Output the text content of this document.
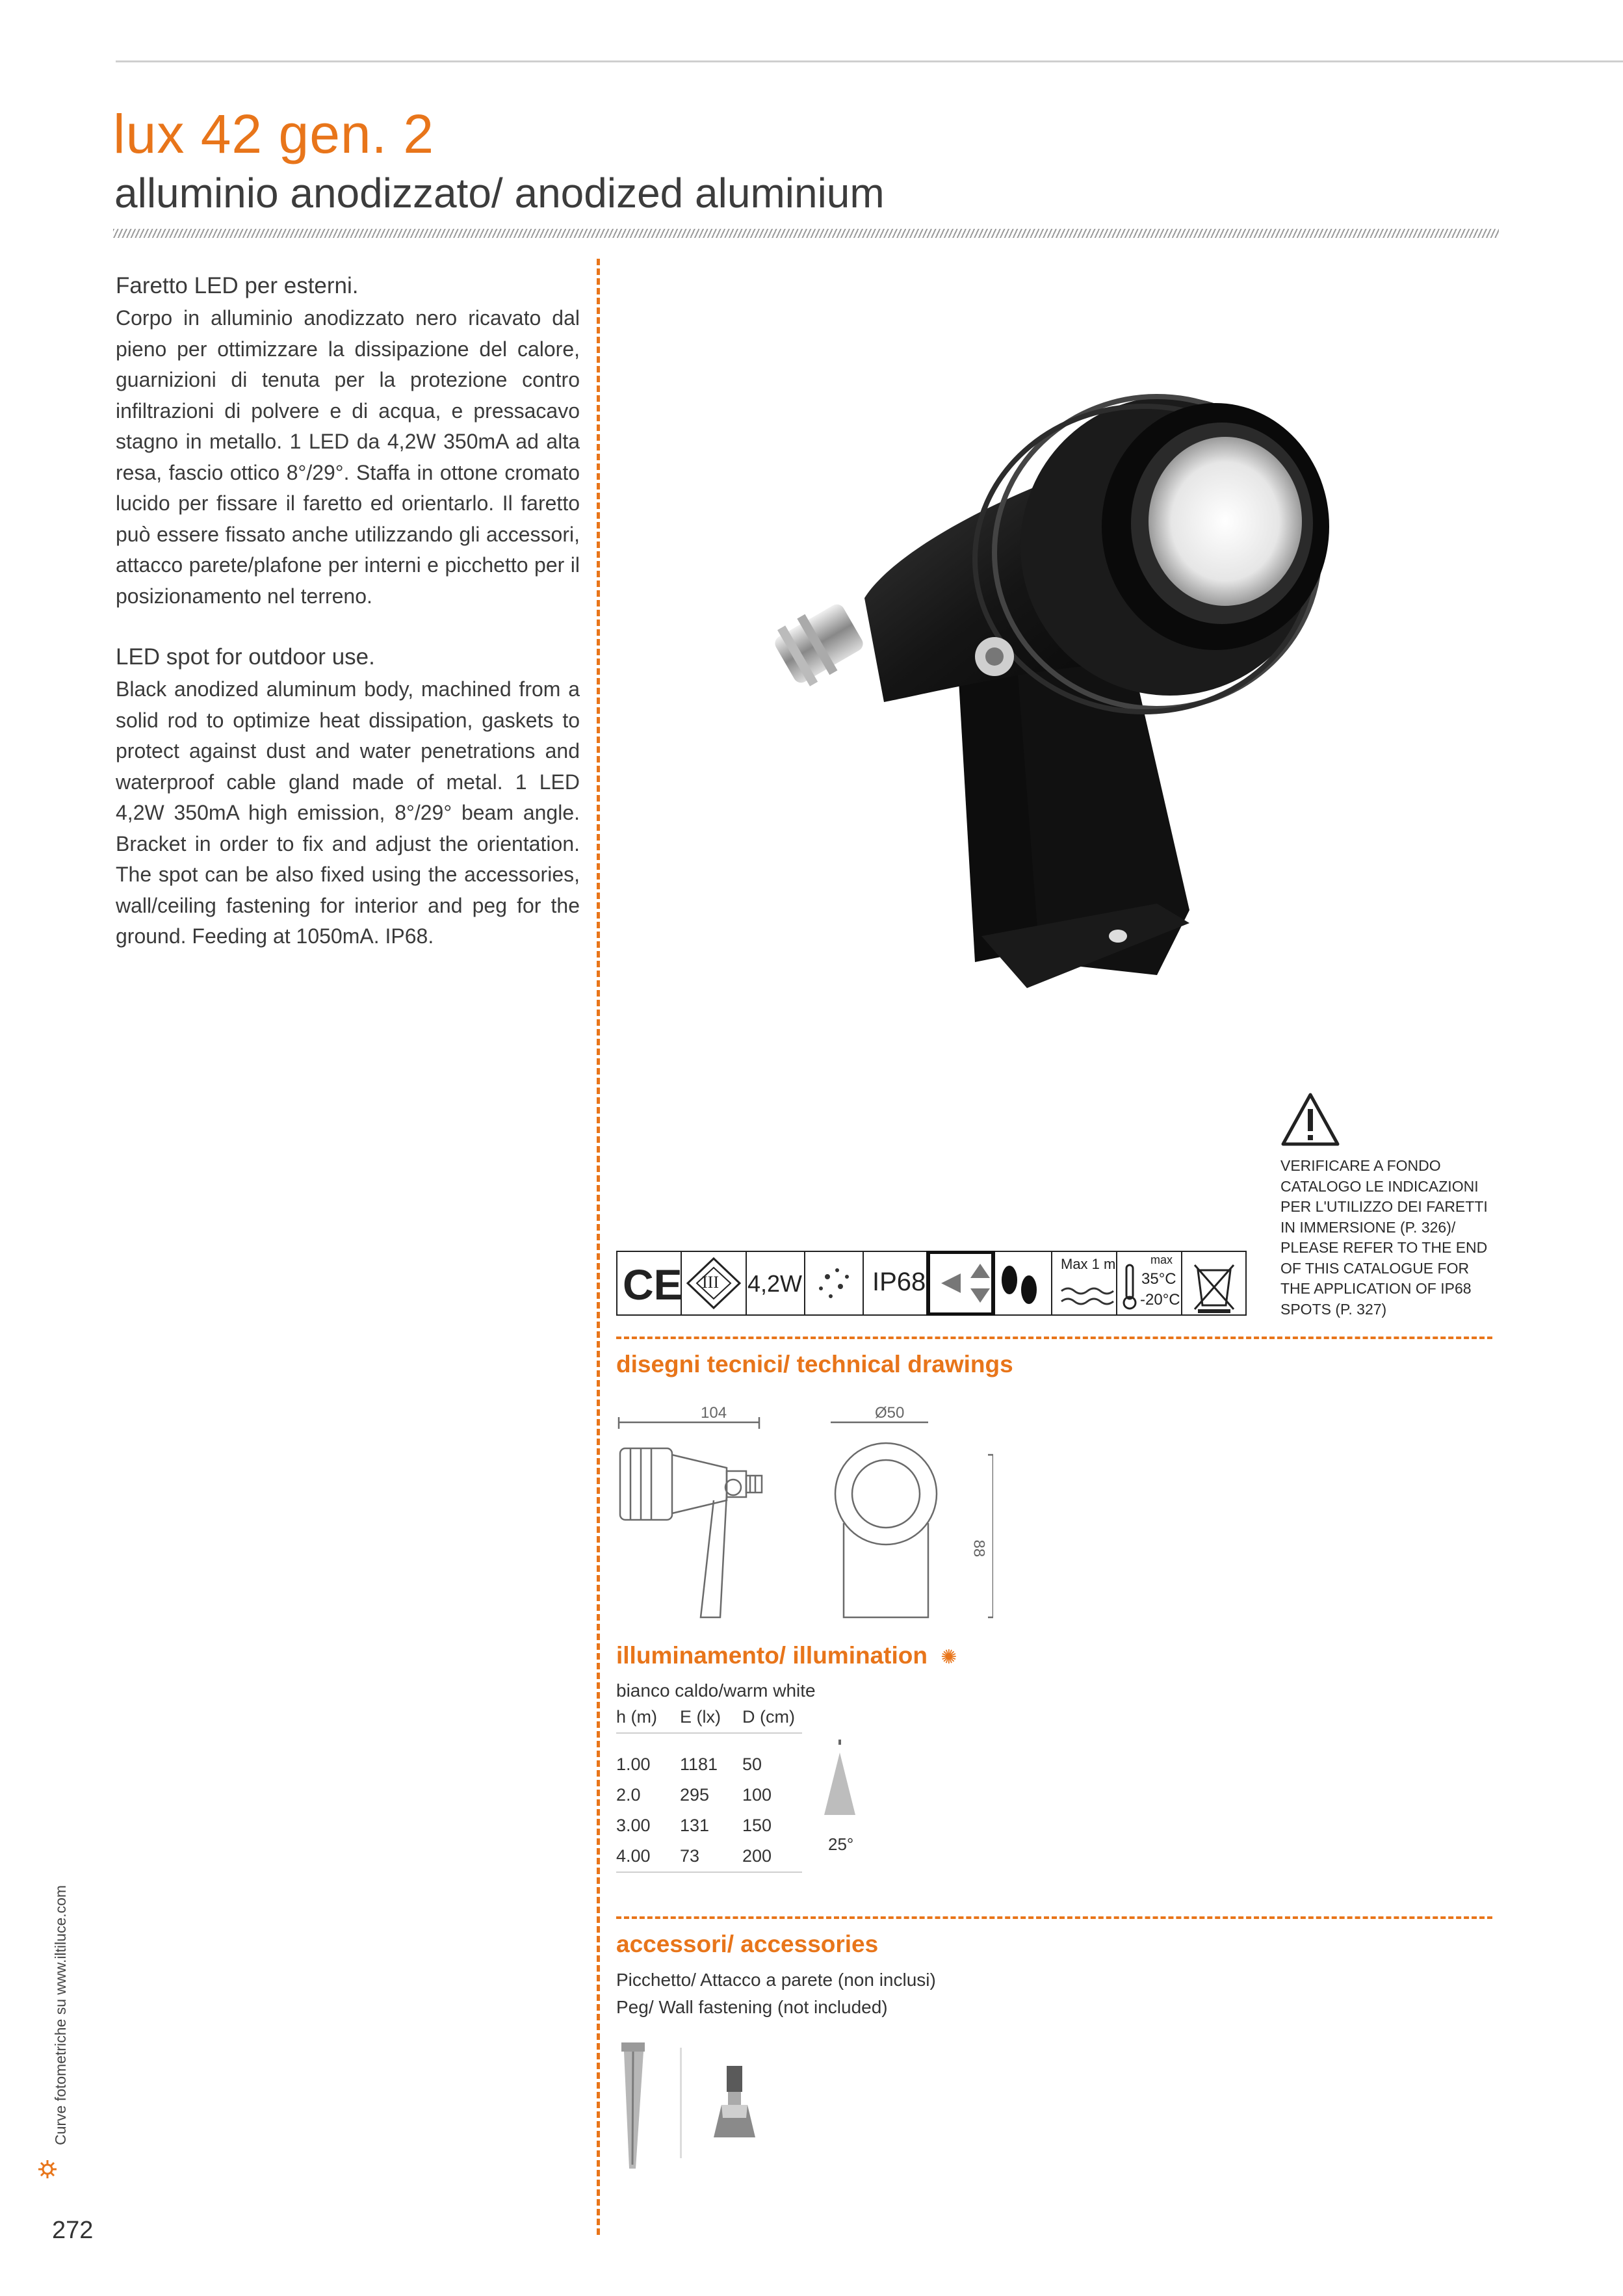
lux 42 gen. 2
alluminio anodizzato/ anodized aluminium
Faretto LED per esterni.

Corpo in alluminio anodizzato nero ricavato dal pieno per ottimizzare la dissipazione del calore, guarnizioni di tenuta per la protezione contro infiltrazioni di polvere e di acqua, e pressacavo stagno in metallo. 1 LED da 4,2W 350mA ad alta resa, fascio ottico 8°/29°. Staffa in ottone cromato lucido per fissare il faretto ed orientarlo. Il faretto può essere fissato anche utilizzando gli accessori, attacco parete/plafone per interni e picchetto per il posizionamento nel terreno.

LED spot for outdoor use.

Black anodized aluminum body, machined from a solid rod to optimize heat dissipation, gaskets to protect against dust and water penetrations and waterproof cable gland made of metal. 1 LED 4,2W 350mA high emission, 8°/29° beam angle. Bracket in order to fix and adjust the orientation. The spot can be also fixed using the accessories, wall/ceiling fastening for interior and peg for the ground. Feeding at 1050mA. IP68.

VERIFICARE A FONDO CATALOGO LE INDICAZIONI PER L'UTILIZZO DEI FARETTI IN IMMERSIONE (P. 326)/ PLEASE REFER TO THE END OF THIS CATALOGUE FOR THE APPLICATION OF IP68 SPOTS (P. 327)
CE III 4,2W	IP68
Max 1 m	max
35°C
-20°C
disegni tecnici/ technical drawings
104	Ø50
88
illuminamento/ illumination ✺
bianco caldo/warm white
h (m)	E (lx)	D (cm)

1.00	1181	50
2.0	295	100
3.00	131	150
4.00	73	200
25°
accessori/ accessories
Picchetto/ Attacco a parete (non inclusi)
Peg/ Wall fastening (not included)
Curve fotometriche su www.iltiluce.com
272
